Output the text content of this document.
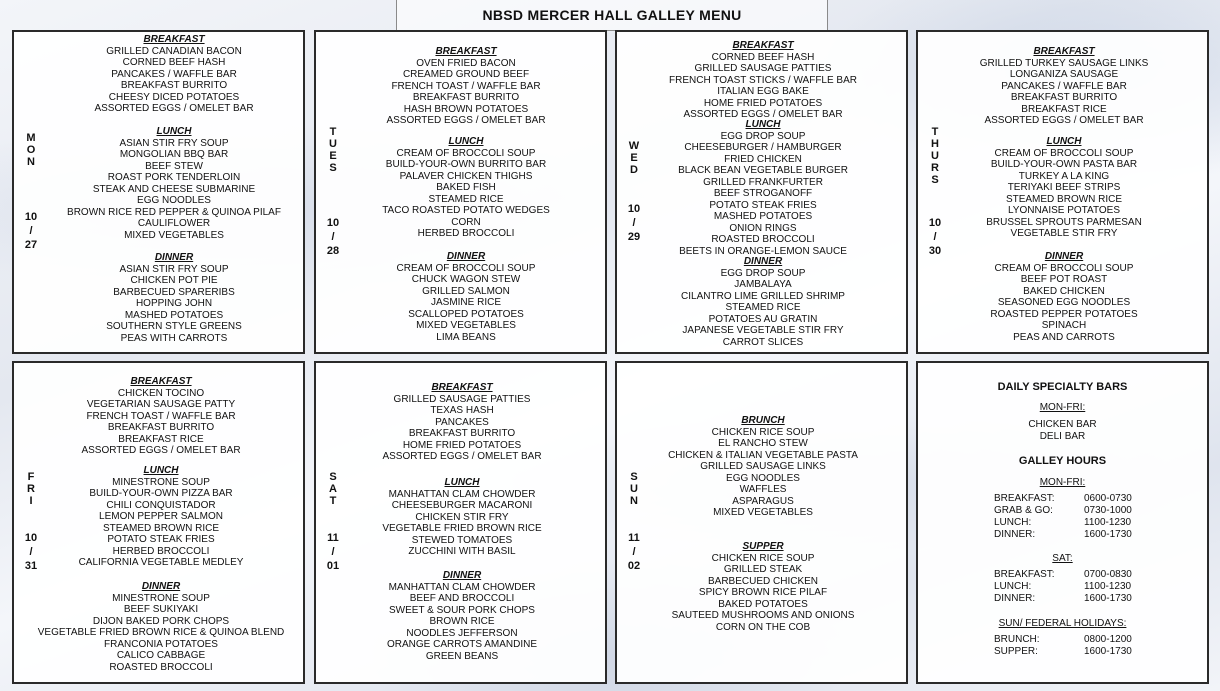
NBSD MERCER HALL GALLEY MENU
M
O
N
10
/
27
BREAKFAST
GRILLED CANADIAN BACON
CORNED BEEF HASH
PANCAKES / WAFFLE BAR
BREAKFAST BURRITO
CHEESY DICED POTATOES
ASSORTED EGGS / OMELET BAR
LUNCH
ASIAN STIR FRY SOUP
MONGOLIAN BBQ BAR
BEEF STEW
ROAST PORK TENDERLOIN
STEAK AND CHEESE SUBMARINE
EGG NOODLES
BROWN RICE RED PEPPER & QUINOA PILAF
CAULIFLOWER
MIXED VEGETABLES
DINNER
ASIAN STIR FRY SOUP
CHICKEN POT PIE
BARBECUED SPARERIBS
HOPPING JOHN
MASHED POTATOES
SOUTHERN STYLE GREENS
PEAS WITH CARROTS
T
U
E
S
10
/
28
BREAKFAST
OVEN FRIED BACON
CREAMED GROUND BEEF
FRENCH TOAST / WAFFLE BAR
BREAKFAST BURRITO
HASH BROWN POTATOES
ASSORTED EGGS / OMELET BAR
LUNCH
CREAM OF BROCCOLI SOUP
BUILD-YOUR-OWN BURRITO BAR
PALAVER CHICKEN THIGHS
BAKED FISH
STEAMED RICE
TACO ROASTED POTATO WEDGES
CORN
HERBED BROCCOLI
DINNER
CREAM OF BROCCOLI SOUP
CHUCK WAGON STEW
GRILLED SALMON
JASMINE RICE
SCALLOPED POTATOES
MIXED VEGETABLES
LIMA BEANS
W
E
D
10
/
29
BREAKFAST
CORNED BEEF HASH
GRILLED SAUSAGE PATTIES
FRENCH TOAST STICKS / WAFFLE BAR
ITALIAN EGG BAKE
HOME FRIED POTATOES
ASSORTED EGGS / OMELET BAR
LUNCH
EGG DROP SOUP
CHEESEBURGER / HAMBURGER
FRIED CHICKEN
BLACK BEAN VEGETABLE BURGER
GRILLED FRANKFURTER
BEEF STROGANOFF
POTATO STEAK FRIES
MASHED POTATOES
ONION RINGS
ROASTED BROCCOLI
BEETS IN ORANGE-LEMON SAUCE
DINNER
EGG DROP SOUP
JAMBALAYA
CILANTRO LIME GRILLED SHRIMP
STEAMED RICE
POTATOES AU GRATIN
JAPANESE VEGETABLE STIR FRY
CARROT SLICES
T
H
U
R
S
10
/
30
BREAKFAST
GRILLED TURKEY SAUSAGE LINKS
LONGANIZA SAUSAGE
PANCAKES / WAFFLE BAR
BREAKFAST BURRITO
BREAKFAST RICE
ASSORTED EGGS / OMELET BAR
LUNCH
CREAM OF BROCCOLI SOUP
BUILD-YOUR-OWN PASTA BAR
TURKEY A LA KING
TERIYAKI BEEF STRIPS
STEAMED BROWN RICE
LYONNAISE POTATOES
BRUSSEL SPROUTS PARMESAN
VEGETABLE STIR FRY
DINNER
CREAM OF BROCCOLI SOUP
BEEF POT ROAST
BAKED CHICKEN
SEASONED EGG NOODLES
ROASTED PEPPER POTATOES
SPINACH
PEAS AND CARROTS
F
R
I
10
/
31
BREAKFAST
CHICKEN TOCINO
VEGETARIAN SAUSAGE PATTY
FRENCH TOAST / WAFFLE BAR
BREAKFAST BURRITO
BREAKFAST RICE
ASSORTED EGGS / OMELET BAR
LUNCH
MINESTRONE SOUP
BUILD-YOUR-OWN PIZZA BAR
CHILI CONQUISTADOR
LEMON PEPPER SALMON
STEAMED BROWN RICE
POTATO STEAK FRIES
HERBED BROCCOLI
CALIFORNIA VEGETABLE MEDLEY
DINNER
MINESTRONE SOUP
BEEF SUKIYAKI
DIJON BAKED PORK CHOPS
VEGETABLE FRIED BROWN RICE & QUINOA BLEND
FRANCONIA POTATOES
CALICO CABBAGE
ROASTED BROCCOLI
S
A
T
11
/
01
BREAKFAST
GRILLED SAUSAGE PATTIES
TEXAS HASH
PANCAKES
BREAKFAST BURRITO
HOME FRIED POTATOES
ASSORTED EGGS / OMELET BAR
LUNCH
MANHATTAN CLAM CHOWDER
CHEESEBURGER MACARONI
CHICKEN STIR FRY
VEGETABLE FRIED BROWN RICE
STEWED TOMATOES
ZUCCHINI WITH BASIL
DINNER
MANHATTAN CLAM CHOWDER
BEEF AND BROCCOLI
SWEET & SOUR PORK CHOPS
BROWN RICE
NOODLES JEFFERSON
ORANGE CARROTS AMANDINE
GREEN BEANS
S
U
N
11
/
02
BRUNCH
CHICKEN RICE SOUP
EL RANCHO STEW
CHICKEN & ITALIAN VEGETABLE PASTA
GRILLED SAUSAGE LINKS
EGG NOODLES
WAFFLES
ASPARAGUS
MIXED VEGETABLES
SUPPER
CHICKEN RICE SOUP
GRILLED STEAK
BARBECUED CHICKEN
SPICY BROWN RICE PILAF
BAKED POTATOES
SAUTEED MUSHROOMS AND ONIONS
CORN ON THE COB
DAILY SPECIALTY BARS
MON-FRI:
CHICKEN BAR
DELI BAR
GALLEY HOURS
MON-FRI:
BREAKFAST:	0600-0730
GRAB & GO:	0730-1000
LUNCH:	1100-1230
DINNER:	1600-1730
SAT:
BREAKFAST:	0700-0830
LUNCH:	1100-1230
DINNER:	1600-1730
SUN/ FEDERAL HOLIDAYS:
BRUNCH:	0800-1200
SUPPER:	1600-1730
